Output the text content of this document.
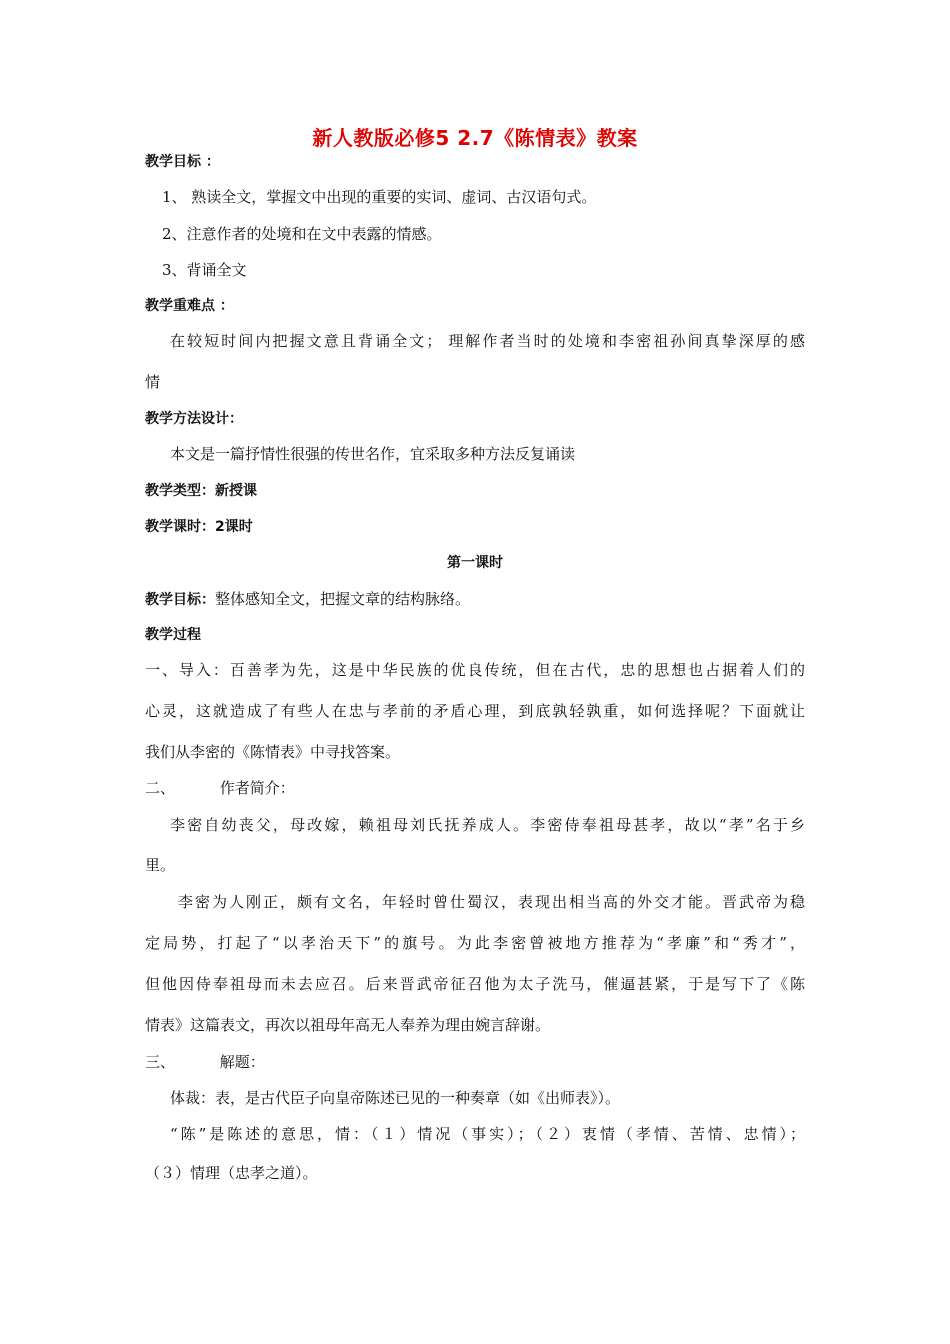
新人教版必修5 2.7《陈情表》教案
教学目标 ：
1、 熟读全文，掌握文中出现的重要的实词、虚词、古汉语句式。
2、注意作者的处境和在文中表露的情感。
3、背诵全文
教学重难点 ：
在较短时间内把握文意且背诵全文； 理解作者当时的处境和李密祖孙间真挚深厚的感
情
教学方法设计：
本文是一篇抒情性很强的传世名作，宜采取多种方法反复诵读
教学类型：新授课
教学课时：2课时
第一课时
教学目标：整体感知全文，把握文章的结构脉络。
教学过程
一、导入：百善孝为先，这是中华民族的优良传统，但在古代，忠的思想也占据着人们的
心灵，这就造成了有些人在忠与孝前的矛盾心理，到底孰轻孰重，如何选择呢？下面就让
我们从李密的《陈情表》中寻找答案。
二、 作者简介：
李密自幼丧父，母改嫁，赖祖母刘氏抚养成人。李密侍奉祖母甚孝，故以“孝”名于乡
里。
李密为人刚正，颇有文名，年轻时曾仕蜀汉，表现出相当高的外交才能。晋武帝为稳
定局势，打起了“以孝治天下”的旗号。为此李密曾被地方推荐为“孝廉”和“秀才”，
但他因侍奉祖母而未去应召。后来晋武帝征召他为太子洗马，催逼甚紧，于是写下了《陈
情表》这篇表文，再次以祖母年高无人奉养为理由婉言辞谢。
三、 解题：
体裁：表，是古代臣子向皇帝陈述已见的一种奏章（如《出师表》）。
“陈”是陈述的意思，情：（１）情况（事实）；（２）衷情（孝情、苦情、忠情）；
（３）情理（忠孝之道）。
